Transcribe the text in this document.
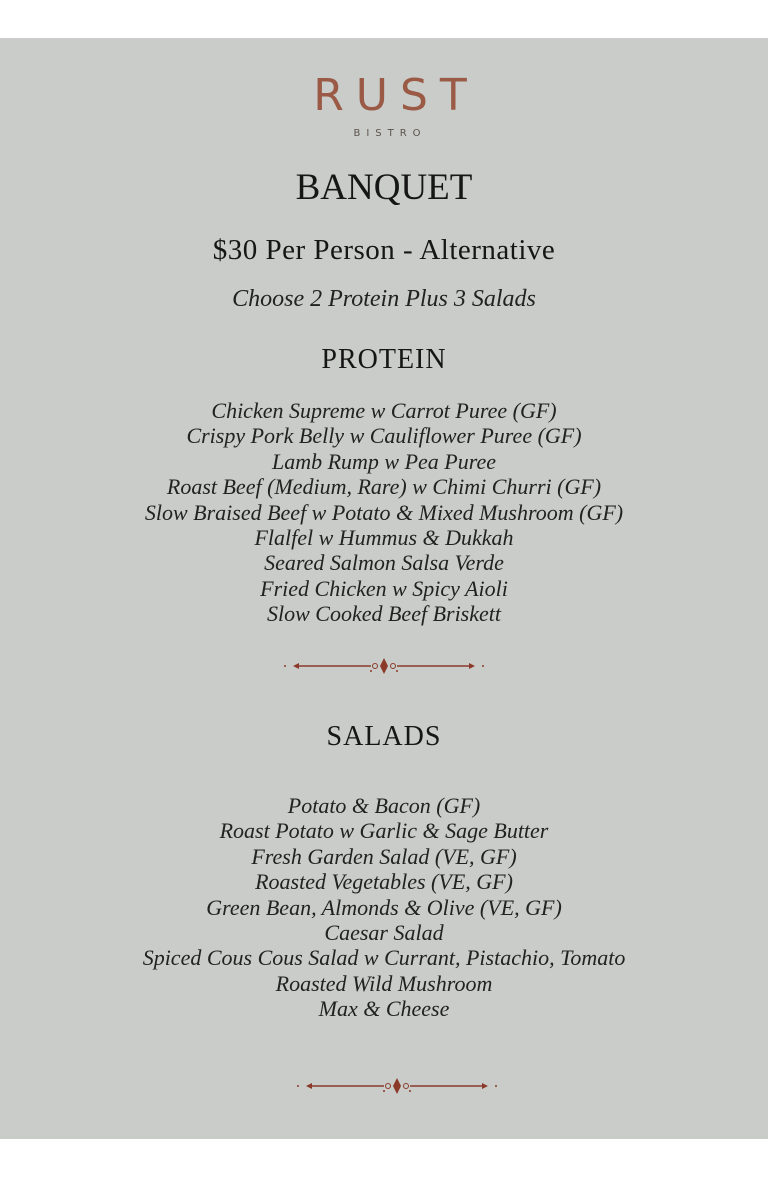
RUST
BISTRO
BANQUET
$30 Per Person - Alternative
Choose 2 Protein Plus 3 Salads
PROTEIN
Chicken Supreme w Carrot Puree (GF)
Crispy Pork Belly w Cauliflower Puree (GF)
Lamb Rump w Pea Puree
Roast Beef (Medium, Rare) w Chimi Churri (GF)
Slow Braised Beef w Potato & Mixed Mushroom (GF)
Flalfel w Hummus & Dukkah
Seared Salmon Salsa Verde
Fried Chicken w Spicy Aioli
Slow Cooked Beef Briskett
SALADS
Potato & Bacon (GF)
Roast Potato w Garlic & Sage Butter
Fresh Garden Salad (VE, GF)
Roasted Vegetables (VE, GF)
Green Bean, Almonds & Olive (VE, GF)
Caesar Salad
Spiced Cous Cous Salad w Currant, Pistachio, Tomato
Roasted Wild Mushroom
Max & Cheese
